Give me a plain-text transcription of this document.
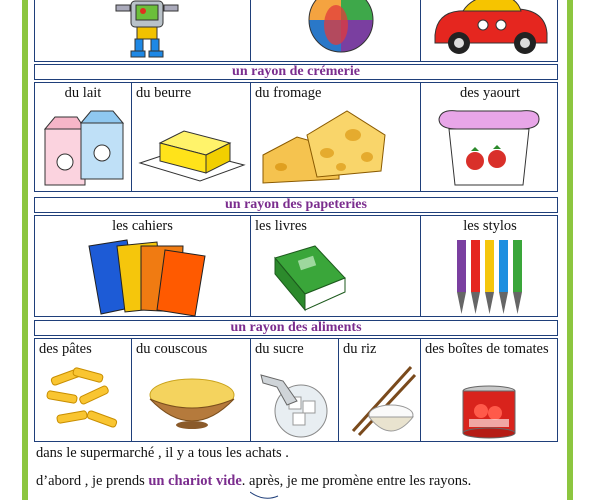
un rayon de crémerie
du lait	du beurre	du fromage	des yaourt
un rayon des papeteries
les cahiers	les livres	les stylos
un rayon des aliments
des pâtes	du couscous	du sucre	du riz	des boîtes de tomates
dans le supermarché , il y a tous les achats .
d’abord , je prends un chariot vide. après, je me promène entre les rayons.
